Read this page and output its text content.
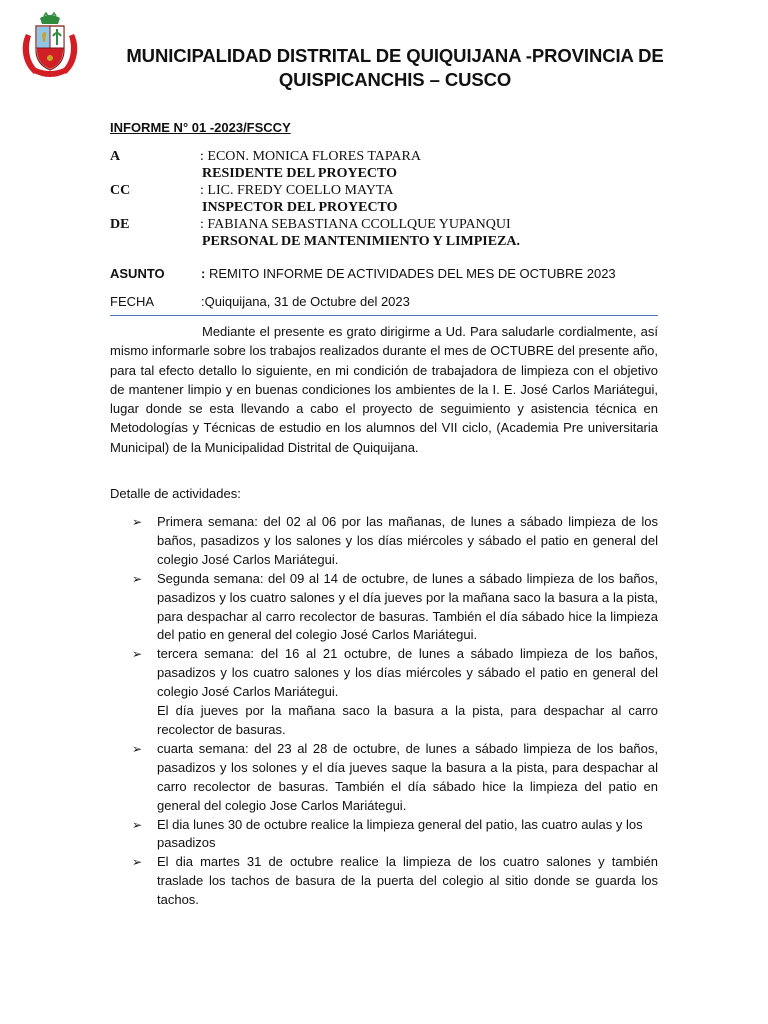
MUNICIPALIDAD DISTRITAL DE QUIQUIJANA -PROVINCIA DE
QUISPICANCHIS – CUSCO
INFORME N° 01 -2023/FSCCY
A	: ECON. MONICA FLORES TAPARA
RESIDENTE DEL PROYECTO
CC	: LIC. FREDY COELLO MAYTA
INSPECTOR DEL PROYECTO
DE	: FABIANA SEBASTIANA CCOLLQUE YUPANQUI
PERSONAL DE MANTENIMIENTO Y LIMPIEZA.
ASUNTO	: REMITO INFORME DE ACTIVIDADES DEL MES DE OCTUBRE 2023
FECHA	:Quiquijana, 31 de Octubre del 2023

Mediante el presente es grato dirigirme a Ud. Para saludarle cordialmente, así mismo informarle sobre los trabajos realizados durante el mes de OCTUBRE del presente año, para tal efecto detallo lo siguiente, en mi condición de trabajadora de limpieza con el objetivo de mantener limpio y en buenas condiciones los ambientes de la I. E. José Carlos Mariátegui, lugar donde se esta llevando a cabo el proyecto de seguimiento y asistencia técnica en Metodologías y Técnicas de estudio en los alumnos del VII ciclo, (Academia Pre universitaria Municipal) de la Municipalidad Distrital de Quiquijana.

Detalle de actividades:
➢ Primera semana: del 02 al 06 por las mañanas, de lunes a sábado limpieza de los baños, pasadizos y los salones y los días miércoles y sábado el patio en general del colegio José Carlos Mariátegui.
➢ Segunda semana: del 09 al 14 de octubre, de lunes a sábado limpieza de los baños, pasadizos y los cuatro salones y el día jueves por la mañana saco la basura a la pista, para despachar al carro recolector de basuras. También el día sábado hice la limpieza del patio en general del colegio José Carlos Mariátegui.
➢ tercera semana: del 16 al 21 octubre, de lunes a sábado limpieza de los baños, pasadizos y los cuatro salones y los días miércoles y sábado el patio en general del colegio José Carlos Mariátegui.
El día jueves por la mañana saco la basura a la pista, para despachar al carro recolector de basuras.
➢ cuarta semana: del 23 al 28 de octubre, de lunes a sábado limpieza de los baños, pasadizos y los solones y el día jueves saque la basura a la pista, para despachar al carro recolector de basuras. También el día sábado hice la limpieza del patio en general del colegio Jose Carlos Mariátegui.
➢ El dia lunes 30 de octubre realice la limpieza general del patio, las cuatro aulas y los pasadizos
➢ El dia martes 31 de octubre realice la limpieza de los cuatro salones y también traslade los tachos de basura de la puerta del colegio al sitio donde se guarda los tachos.
